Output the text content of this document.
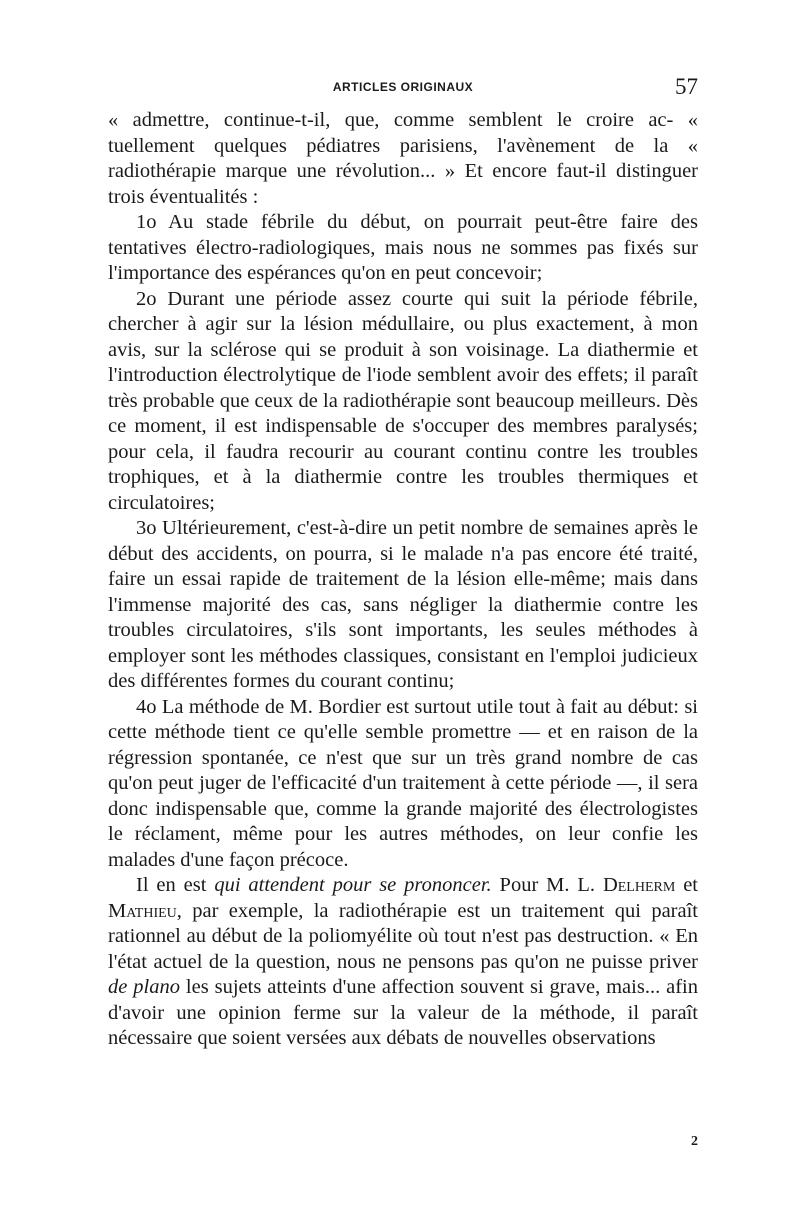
ARTICLES ORIGINAUX	57

« admettre, continue-t-il, que, comme semblent le croire ac- « tuellement quelques pédiatres parisiens, l'avènement de la « radiothérapie marque une révolution... » Et encore faut-il distinguer trois éventualités :

1o Au stade fébrile du début, on pourrait peut-être faire des tentatives électro-radiologiques, mais nous ne sommes pas fixés sur l'importance des espérances qu'on en peut concevoir;

2o Durant une période assez courte qui suit la période fébrile, chercher à agir sur la lésion médullaire, ou plus exactement, à mon avis, sur la sclérose qui se produit à son voisinage. La diathermie et l'introduction électrolytique de l'iode semblent avoir des effets; il paraît très probable que ceux de la radiothérapie sont beaucoup meilleurs. Dès ce moment, il est indispensable de s'occuper des membres paralysés; pour cela, il faudra recourir au courant continu contre les troubles trophiques, et à la diathermie contre les troubles thermiques et circulatoires;

3o Ultérieurement, c'est-à-dire un petit nombre de semaines après le début des accidents, on pourra, si le malade n'a pas encore été traité, faire un essai rapide de traitement de la lésion elle-même; mais dans l'immense majorité des cas, sans négliger la diathermie contre les troubles circulatoires, s'ils sont importants, les seules méthodes à employer sont les méthodes classiques, consistant en l'emploi judicieux des différentes formes du courant continu;

4o La méthode de M. Bordier est surtout utile tout à fait au début: si cette méthode tient ce qu'elle semble promettre — et en raison de la régression spontanée, ce n'est que sur un très grand nombre de cas qu'on peut juger de l'efficacité d'un traitement à cette période —, il sera donc indispensable que, comme la grande majorité des électrologistes le réclament, même pour les autres méthodes, on leur confie les malades d'une façon précoce.

Il en est qui attendent pour se prononcer. Pour M. L. Delherm et Mathieu, par exemple, la radiothérapie est un traitement qui paraît rationnel au début de la poliomyélite où tout n'est pas destruction. « En l'état actuel de la question, nous ne pensons pas qu'on ne puisse priver de plano les sujets atteints d'une affection souvent si grave, mais... afin d'avoir une opinion ferme sur la valeur de la méthode, il paraît nécessaire que soient versées aux débats de nouvelles observations

2
